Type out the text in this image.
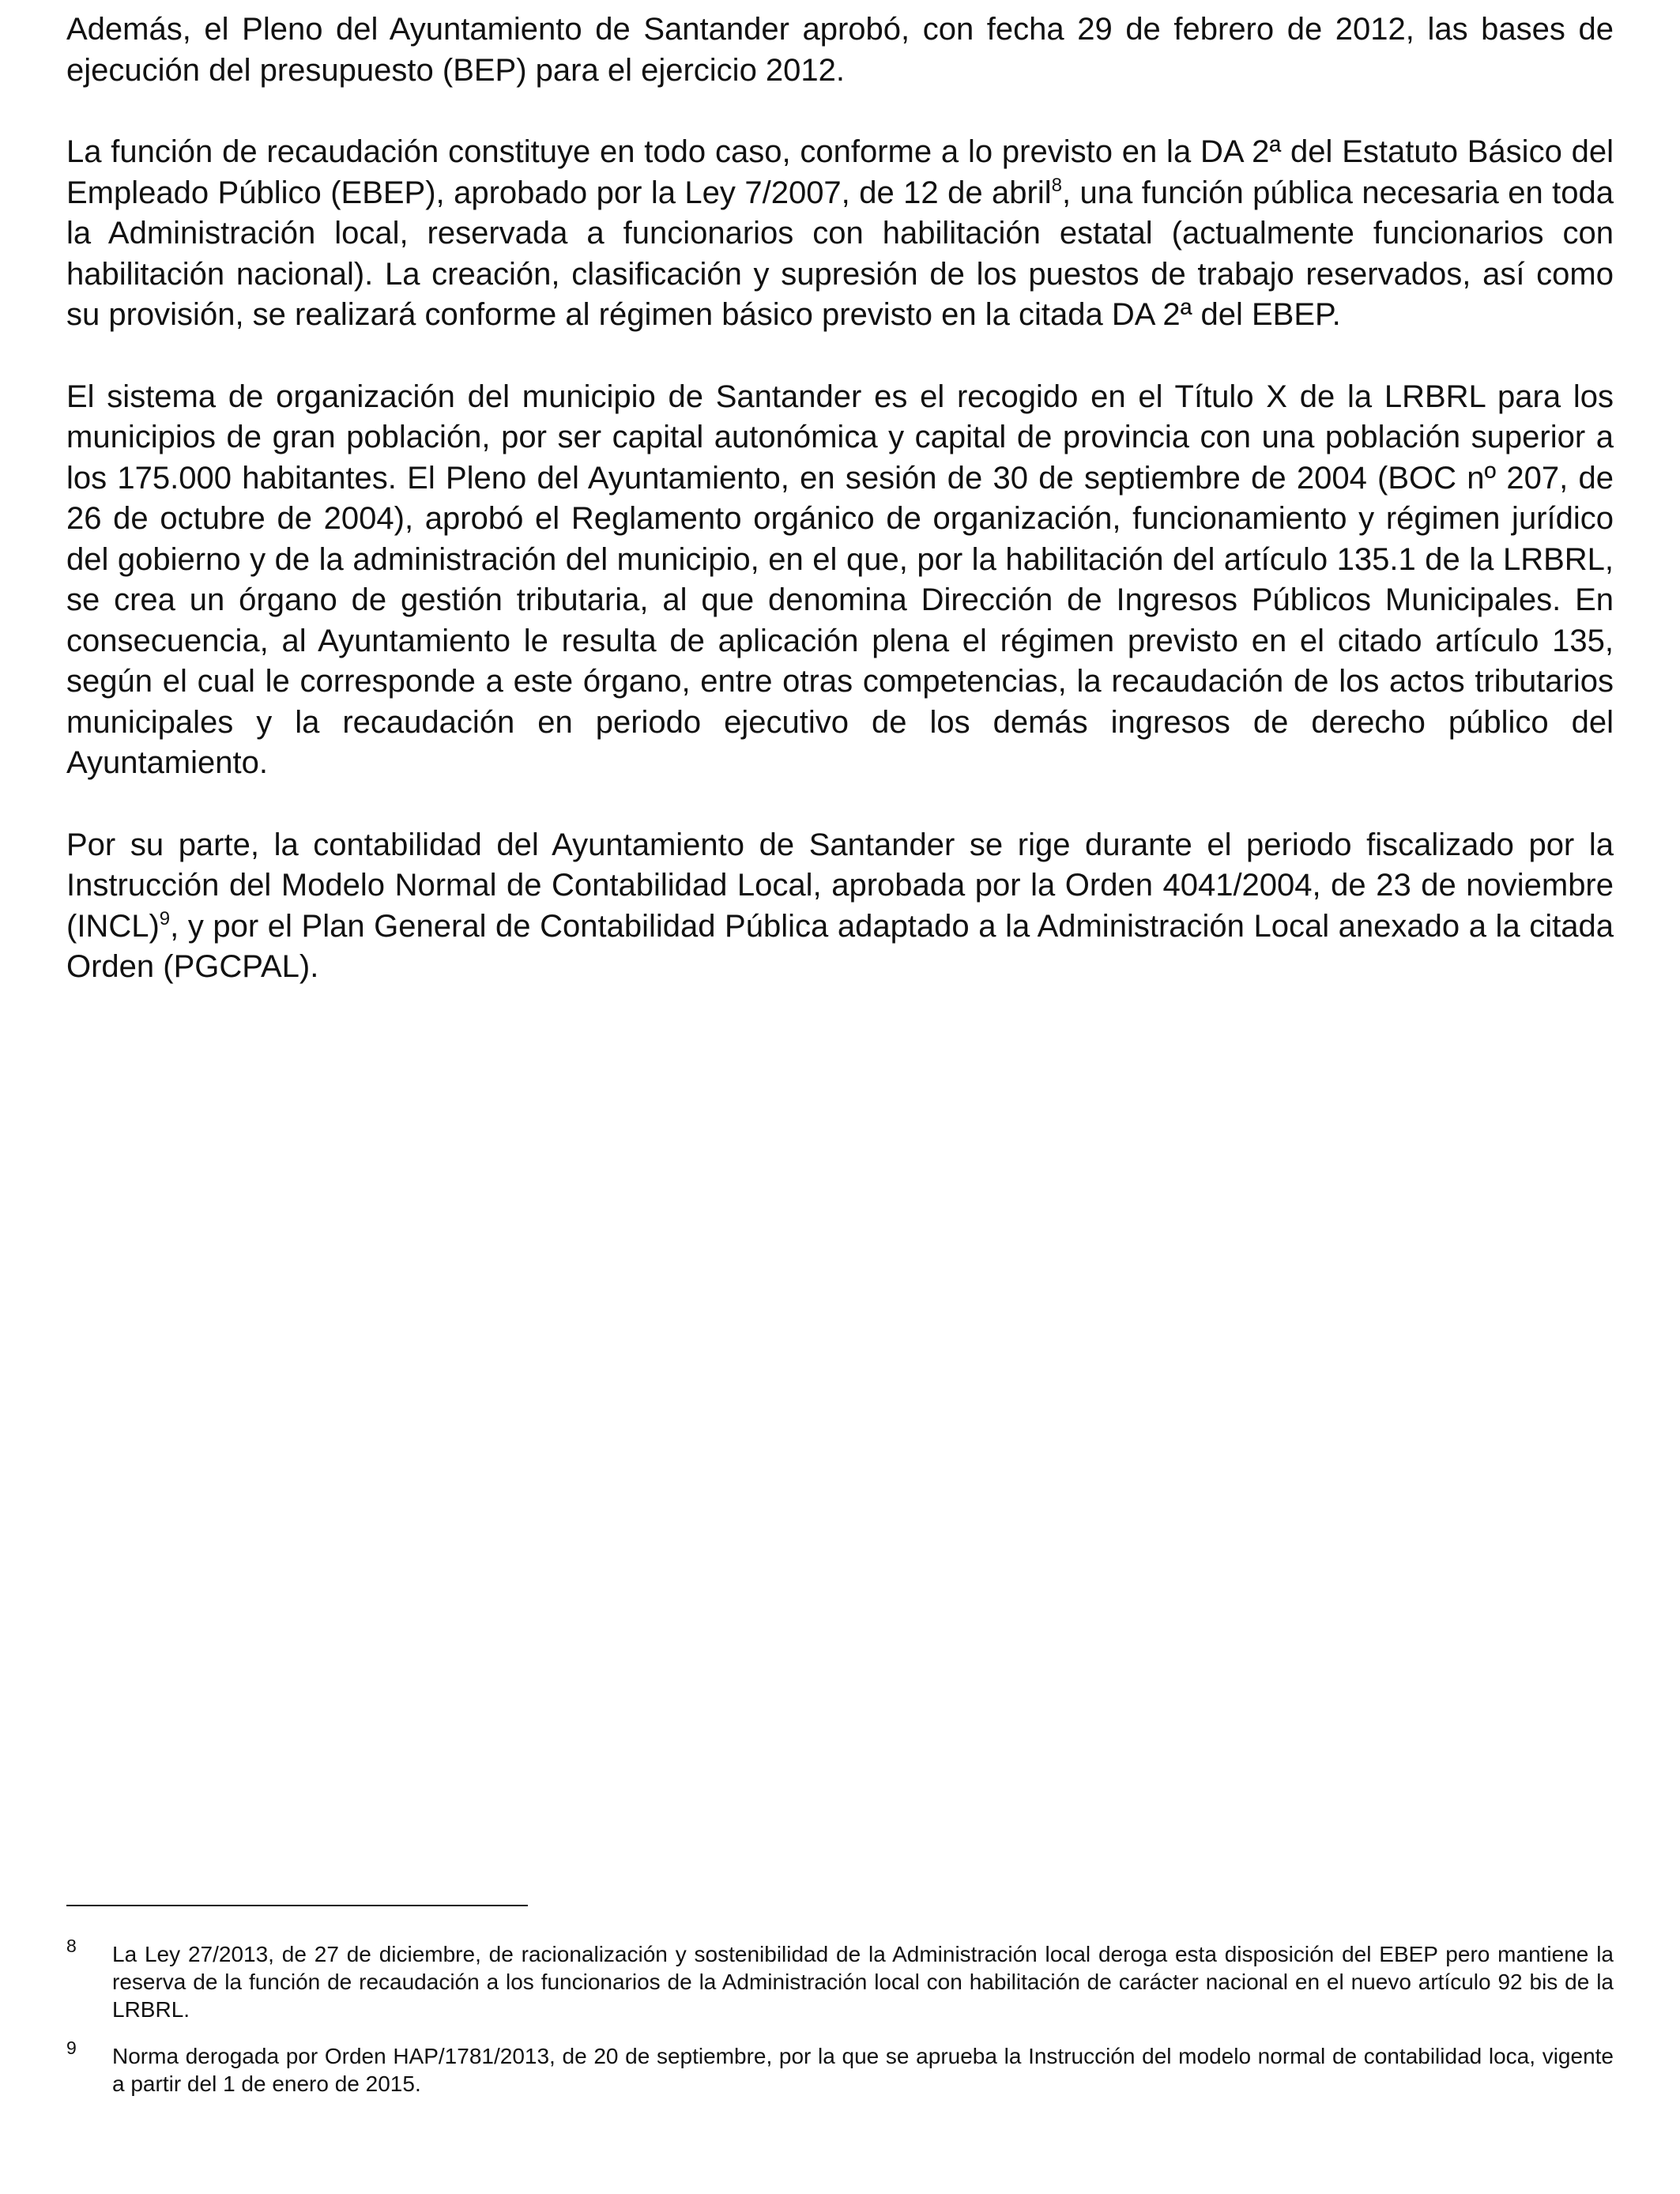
Además, el Pleno del Ayuntamiento de Santander aprobó, con fecha 29 de febrero de 2012, las bases de ejecución del presupuesto (BEP) para el ejercicio 2012.

La función de recaudación constituye en todo caso, conforme a lo previsto en la DA 2ª del Estatuto Básico del Empleado Público (EBEP), aprobado por la Ley 7/2007, de 12 de abril$^8$, una función pública necesaria en toda la Administración local, reservada a funcionarios con habilitación estatal (actualmente funcionarios con habilitación nacional). La creación, clasificación y supresión de los puestos de trabajo reservados, así como su provisión, se realizará conforme al régimen básico previsto en la citada DA 2ª del EBEP.

El sistema de organización del municipio de Santander es el recogido en el Título X de la LRBRL para los municipios de gran población, por ser capital autonómica y capital de provincia con una población superior a los 175.000 habitantes. El Pleno del Ayuntamiento, en sesión de 30 de septiembre de 2004 (BOC nº 207, de 26 de octubre de 2004), aprobó el Reglamento orgánico de organización, funcionamiento y régimen jurídico del gobierno y de la administración del municipio, en el que, por la habilitación del artículo 135.1 de la LRBRL, se crea un órgano de gestión tributaria, al que denomina Dirección de Ingresos Públicos Municipales. En consecuencia, al Ayuntamiento le resulta de aplicación plena el régimen previsto en el citado artículo 135, según el cual le corresponde a este órgano, entre otras competencias, la recaudación de los actos tributarios municipales y la recaudación en periodo ejecutivo de los demás ingresos de derecho público del Ayuntamiento.

Por su parte, la contabilidad del Ayuntamiento de Santander se rige durante el periodo fiscalizado por la Instrucción del Modelo Normal de Contabilidad Local, aprobada por la Orden 4041/2004, de 23 de noviembre (INCL)$^9$, y por el Plan General de Contabilidad Pública adaptado a la Administración Local anexado a la citada Orden (PGCPAL).

8 La Ley 27/2013, de 27 de diciembre, de racionalización y sostenibilidad de la Administración local deroga esta disposición del EBEP pero mantiene la reserva de la función de recaudación a los funcionarios de la Administración local con habilitación de carácter nacional en el nuevo artículo 92 bis de la LRBRL.
9 Norma derogada por Orden HAP/1781/2013, de 20 de septiembre, por la que se aprueba la Instrucción del modelo normal de contabilidad loca, vigente a partir del 1 de enero de 2015.
